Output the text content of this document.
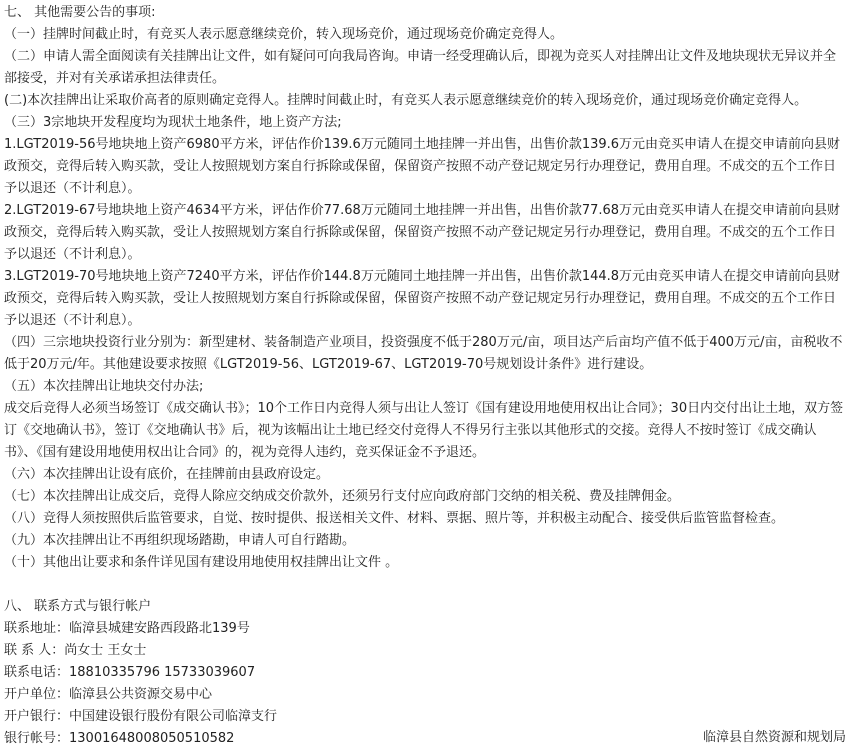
七、 其他需要公告的事项:

（一）挂牌时间截止时，有竞买人表示愿意继续竞价，转入现场竞价，通过现场竞价确定竞得人。

（二）申请人需全面阅读有关挂牌出让文件，如有疑问可向我局咨询。申请一经受理确认后，即视为竞买人对挂牌出让文件及地块现状无异议并全部接受，并对有关承诺承担法律责任。

(二)本次挂牌出让采取价高者的原则确定竞得人。挂牌时间截止时，有竞买人表示愿意继续竞价的转入现场竞价，通过现场竞价确定竞得人。

（三）3宗地块开发程度均为现状土地条件，地上资产方法;

1.LGT2019-56号地块地上资产6980平方米，评估作价139.6万元随同土地挂牌一并出售，出售价款139.6万元由竞买申请人在提交申请前向县财政预交，竞得后转入购买款，受让人按照规划方案自行拆除或保留，保留资产按照不动产登记规定另行办理登记，费用自理。不成交的五个工作日予以退还（不计利息）。

2.LGT2019-67号地块地上资产4634平方米，评估作价77.68万元随同土地挂牌一并出售，出售价款77.68万元由竞买申请人在提交申请前向县财政预交，竞得后转入购买款，受让人按照规划方案自行拆除或保留，保留资产按照不动产登记规定另行办理登记，费用自理。不成交的五个工作日予以退还（不计利息）。

3.LGT2019-70号地块地上资产7240平方米，评估作价144.8万元随同土地挂牌一并出售，出售价款144.8万元由竞买申请人在提交申请前向县财政预交，竞得后转入购买款，受让人按照规划方案自行拆除或保留，保留资产按照不动产登记规定另行办理登记，费用自理。不成交的五个工作日予以退还（不计利息）。

（四）三宗地块投资行业分别为：新型建材、装备制造产业项目，投资强度不低于280万元/亩，项目达产后亩均产值不低于400万元/亩，亩税收不低于20万元/年。其他建设要求按照《LGT2019-56、LGT2019-67、LGT2019-70号规划设计条件》进行建设。

（五）本次挂牌出让地块交付办法;

成交后竞得人必须当场签订《成交确认书》；10个工作日内竞得人须与出让人签订《国有建设用地使用权出让合同》；30日内交付出让土地，双方签订《交地确认书》，签订《交地确认书》后，视为该幅出让土地已经交付竞得人不得另行主张以其他形式的交接。竞得人不按时签订《成交确认书》、《国有建设用地使用权出让合同》的，视为竞得人违约，竞买保证金不予退还。

（六）本次挂牌出让设有底价，在挂牌前由县政府设定。

（七）本次挂牌出让成交后，竞得人除应交纳成交价款外，还须另行支付应向政府部门交纳的相关税、费及挂牌佣金。

（八）竞得人须按照供后监管要求，自觉、按时提供、报送相关文件、材料、票据、照片等，并积极主动配合、接受供后监管监督检查。

（九）本次挂牌出让不再组织现场踏勘，申请人可自行踏勘。

（十）其他出让要求和条件详见国有建设用地使用权挂牌出让文件 。

八、 联系方式与银行帐户

联系地址：临漳县城建安路西段路北139号

联 系 人：尚女士 王女士

联系电话：18810335796 15733039607

开户单位：临漳县公共资源交易中心

开户银行：中国建设银行股份有限公司临漳支行

银行帐号：13001648008050510582	临漳县自然资源和规划局
